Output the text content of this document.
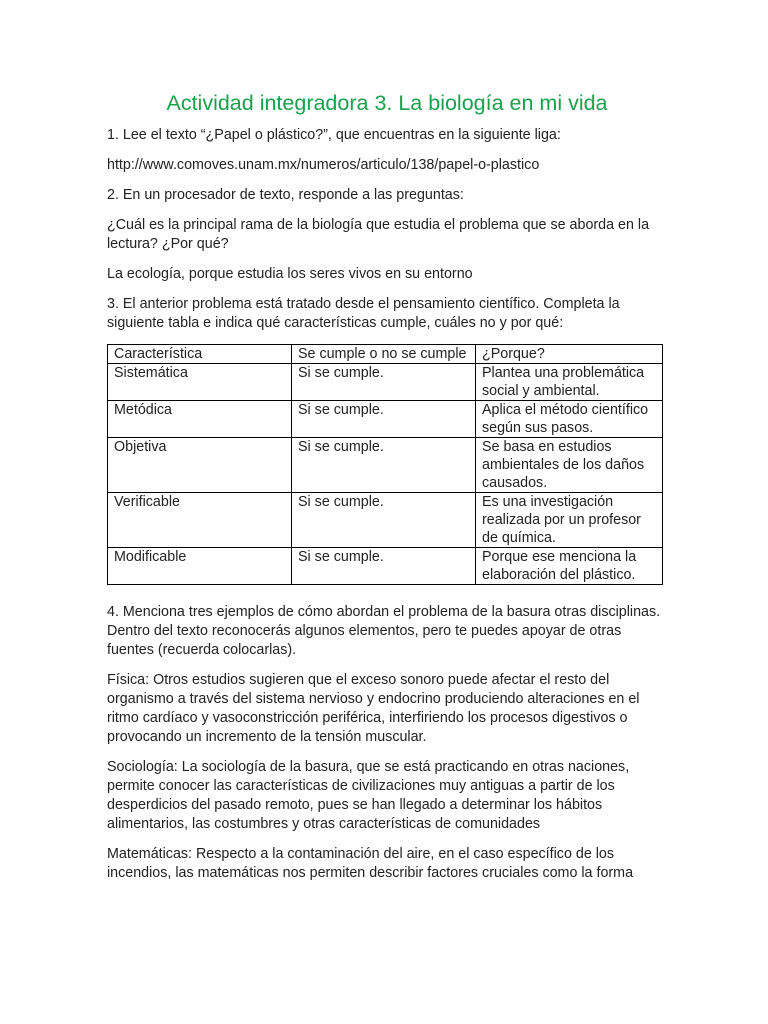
Actividad integradora 3. La biología en mi vida

1. Lee el texto “¿Papel o plástico?”, que encuentras en la siguiente liga:

http://www.comoves.unam.mx/numeros/articulo/138/papel-o-plastico

2. En un procesador de texto, responde a las preguntas:

¿Cuál es la principal rama de la biología que estudia el problema que se aborda en la lectura? ¿Por qué?

La ecología, porque estudia los seres vivos en su entorno

3. El anterior problema está tratado desde el pensamiento científico. Completa la siguiente tabla e indica qué características cumple, cuáles no y por qué:

Característica	Se cumple o no se cumple	¿Porque?
Sistemática	Si se cumple.	Plantea una problemática social y ambiental.
Metódica	Si se cumple.	Aplica el método científico según sus pasos.
Objetiva	Si se cumple.	Se basa en estudios ambientales de los daños causados.
Verificable	Si se cumple.	Es una investigación realizada por un profesor de química.
Modificable	Si se cumple.	Porque ese menciona la elaboración del plástico.

4. Menciona tres ejemplos de cómo abordan el problema de la basura otras disciplinas. Dentro del texto reconocerás algunos elementos, pero te puedes apoyar de otras fuentes (recuerda colocarlas).

Física: Otros estudios sugieren que el exceso sonoro puede afectar el resto del organismo a través del sistema nervioso y endocrino produciendo alteraciones en el ritmo cardíaco y vasoconstricción periférica, interfiriendo los procesos digestivos o provocando un incremento de la tensión muscular.

Sociología: La sociología de la basura, que se está practicando en otras naciones, permite conocer las características de civilizaciones muy antiguas a partir de los desperdicios del pasado remoto, pues se han llegado a determinar los hábitos alimentarios, las costumbres y otras características de comunidades

Matemáticas: Respecto a la contaminación del aire, en el caso específico de los incendios, las matemáticas nos permiten describir factores cruciales como la forma
